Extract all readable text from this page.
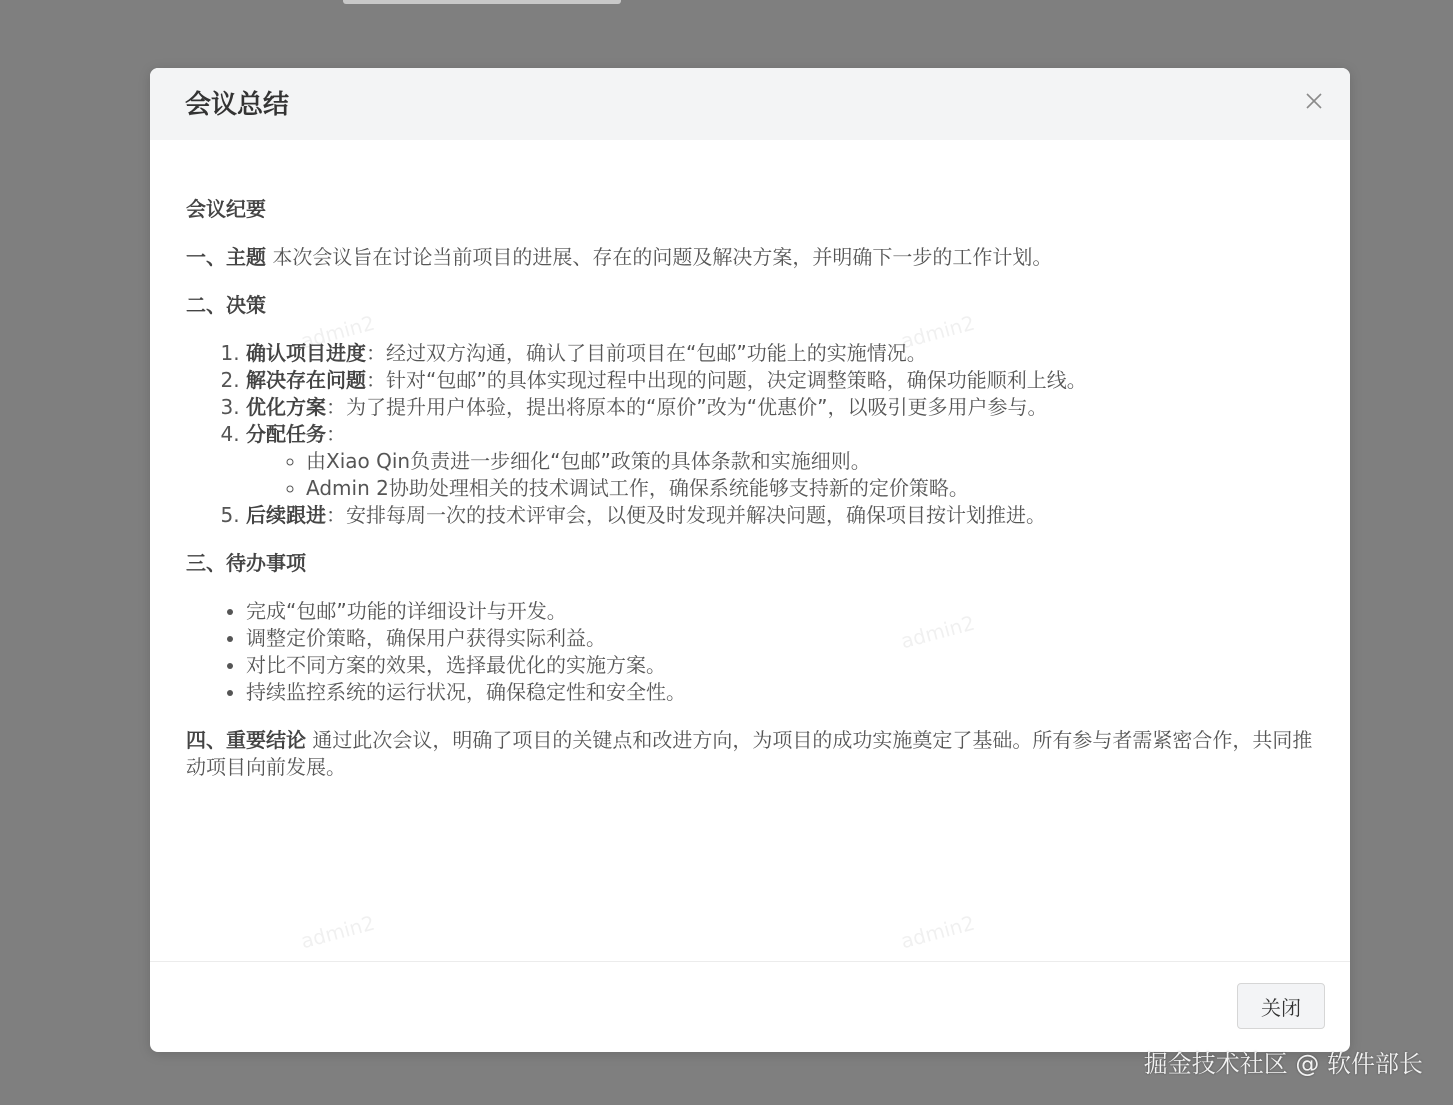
会议总结
admin2	admin2
admin2
admin2	admin2

会议纪要

一、主题 本次会议旨在讨论当前项目的进展、存在的问题及解决方案，并明确下一步的工作计划。

二、决策

1. 确认项目进度：经过双方沟通，确认了目前项目在“包邮”功能上的实施情况。
2. 解决存在问题：针对“包邮”的具体实现过程中出现的问题，决定调整策略，确保功能顺利上线。
3. 优化方案：为了提升用户体验，提出将原本的“原价”改为“优惠价”，以吸引更多用户参与。
4. 分配任务：
◦ 由Xiao Qin负责进一步细化“包邮”政策的具体条款和实施细则。
◦ Admin 2协助处理相关的技术调试工作，确保系统能够支持新的定价策略。
5. 后续跟进：安排每周一次的技术评审会，以便及时发现并解决问题，确保项目按计划推进。

三、待办事项

• 完成“包邮”功能的详细设计与开发。
• 调整定价策略，确保用户获得实际利益。
• 对比不同方案的效果，选择最优化的实施方案。
• 持续监控系统的运行状况，确保稳定性和安全性。

四、重要结论 通过此次会议，明确了项目的关键点和改进方向，为项目的成功实施奠定了基础。所有参与者需紧密合作，共同推动项目向前发展。

关闭
掘金技术社区 @ 软件部长
